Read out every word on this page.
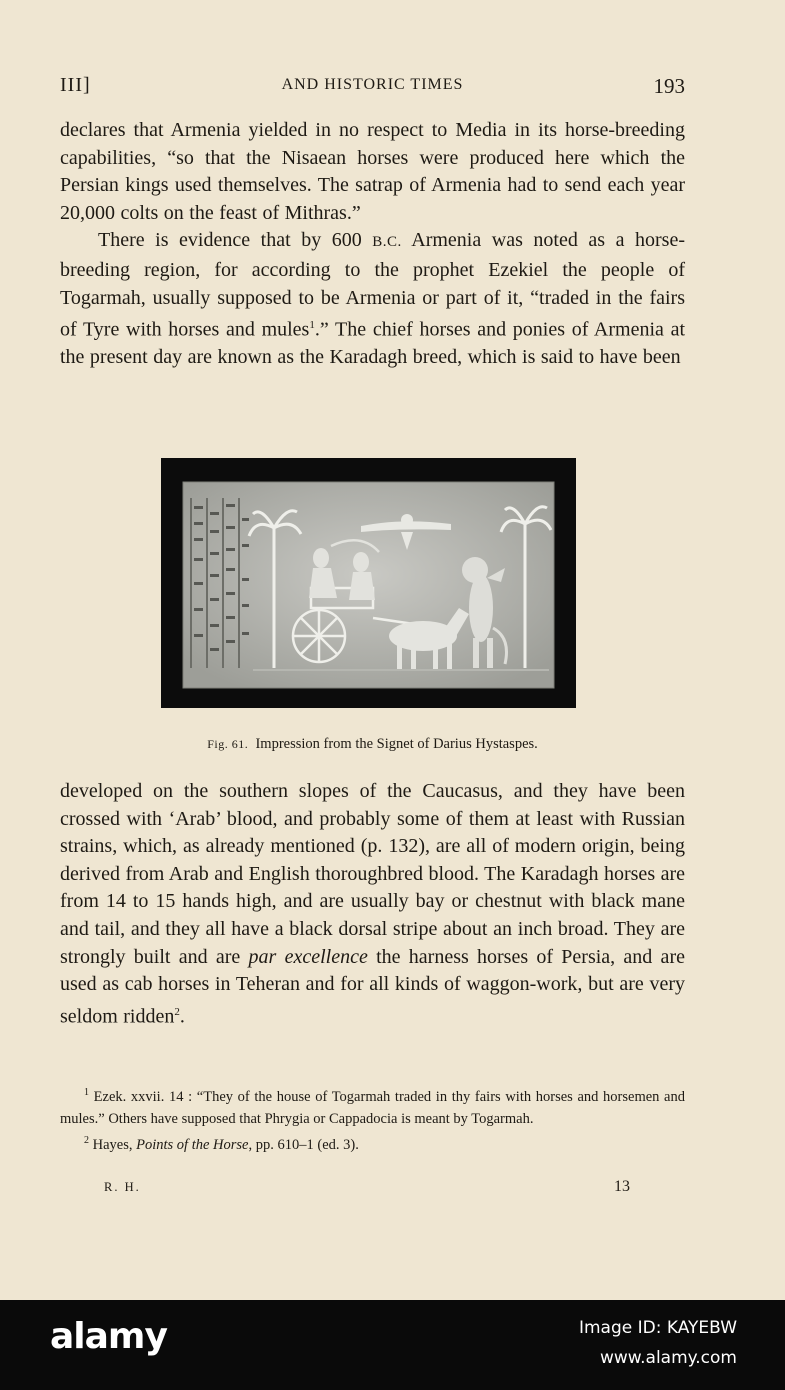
III]	AND HISTORIC TIMES	193

declares that Armenia yielded in no respect to Media in its horse-breeding capabilities, “so that the Nisaean horses were produced here which the Persian kings used themselves. The satrap of Armenia had to send each year 20,000 colts on the feast of Mithras.”

There is evidence that by 600 B.C. Armenia was noted as a horse-breeding region, for according to the prophet Ezekiel the people of Togarmah, usually supposed to be Armenia or part of it, “traded in the fairs of Tyre with horses and mules$^1$.” The chief horses and ponies of Armenia at the present day are known as the Karadagh breed, which is said to have been

Fig. 61. Impression from the Signet of Darius Hystaspes.

developed on the southern slopes of the Caucasus, and they have been crossed with ‘Arab’ blood, and probably some of them at least with Russian strains, which, as already mentioned (p. 132), are all of modern origin, being derived from Arab and English thoroughbred blood. The Karadagh horses are from 14 to 15 hands high, and are usually bay or chestnut with black mane and tail, and they all have a black dorsal stripe about an inch broad. They are strongly built and are par excellence the harness horses of Persia, and are used as cab horses in Teheran and for all kinds of waggon-work, but are very seldom ridden$^2$.

$^1$ Ezek. xxvii. 14 : “They of the house of Togarmah traded in thy fairs with horses and horsemen and mules.” Others have supposed that Phrygia or Cappadocia is meant by Togarmah.

$^2$ Hayes, Points of the Horse, pp. 610–1 (ed. 3).

R. H.	13
alamy	Image ID: KAYEBW
www.alamy.com
